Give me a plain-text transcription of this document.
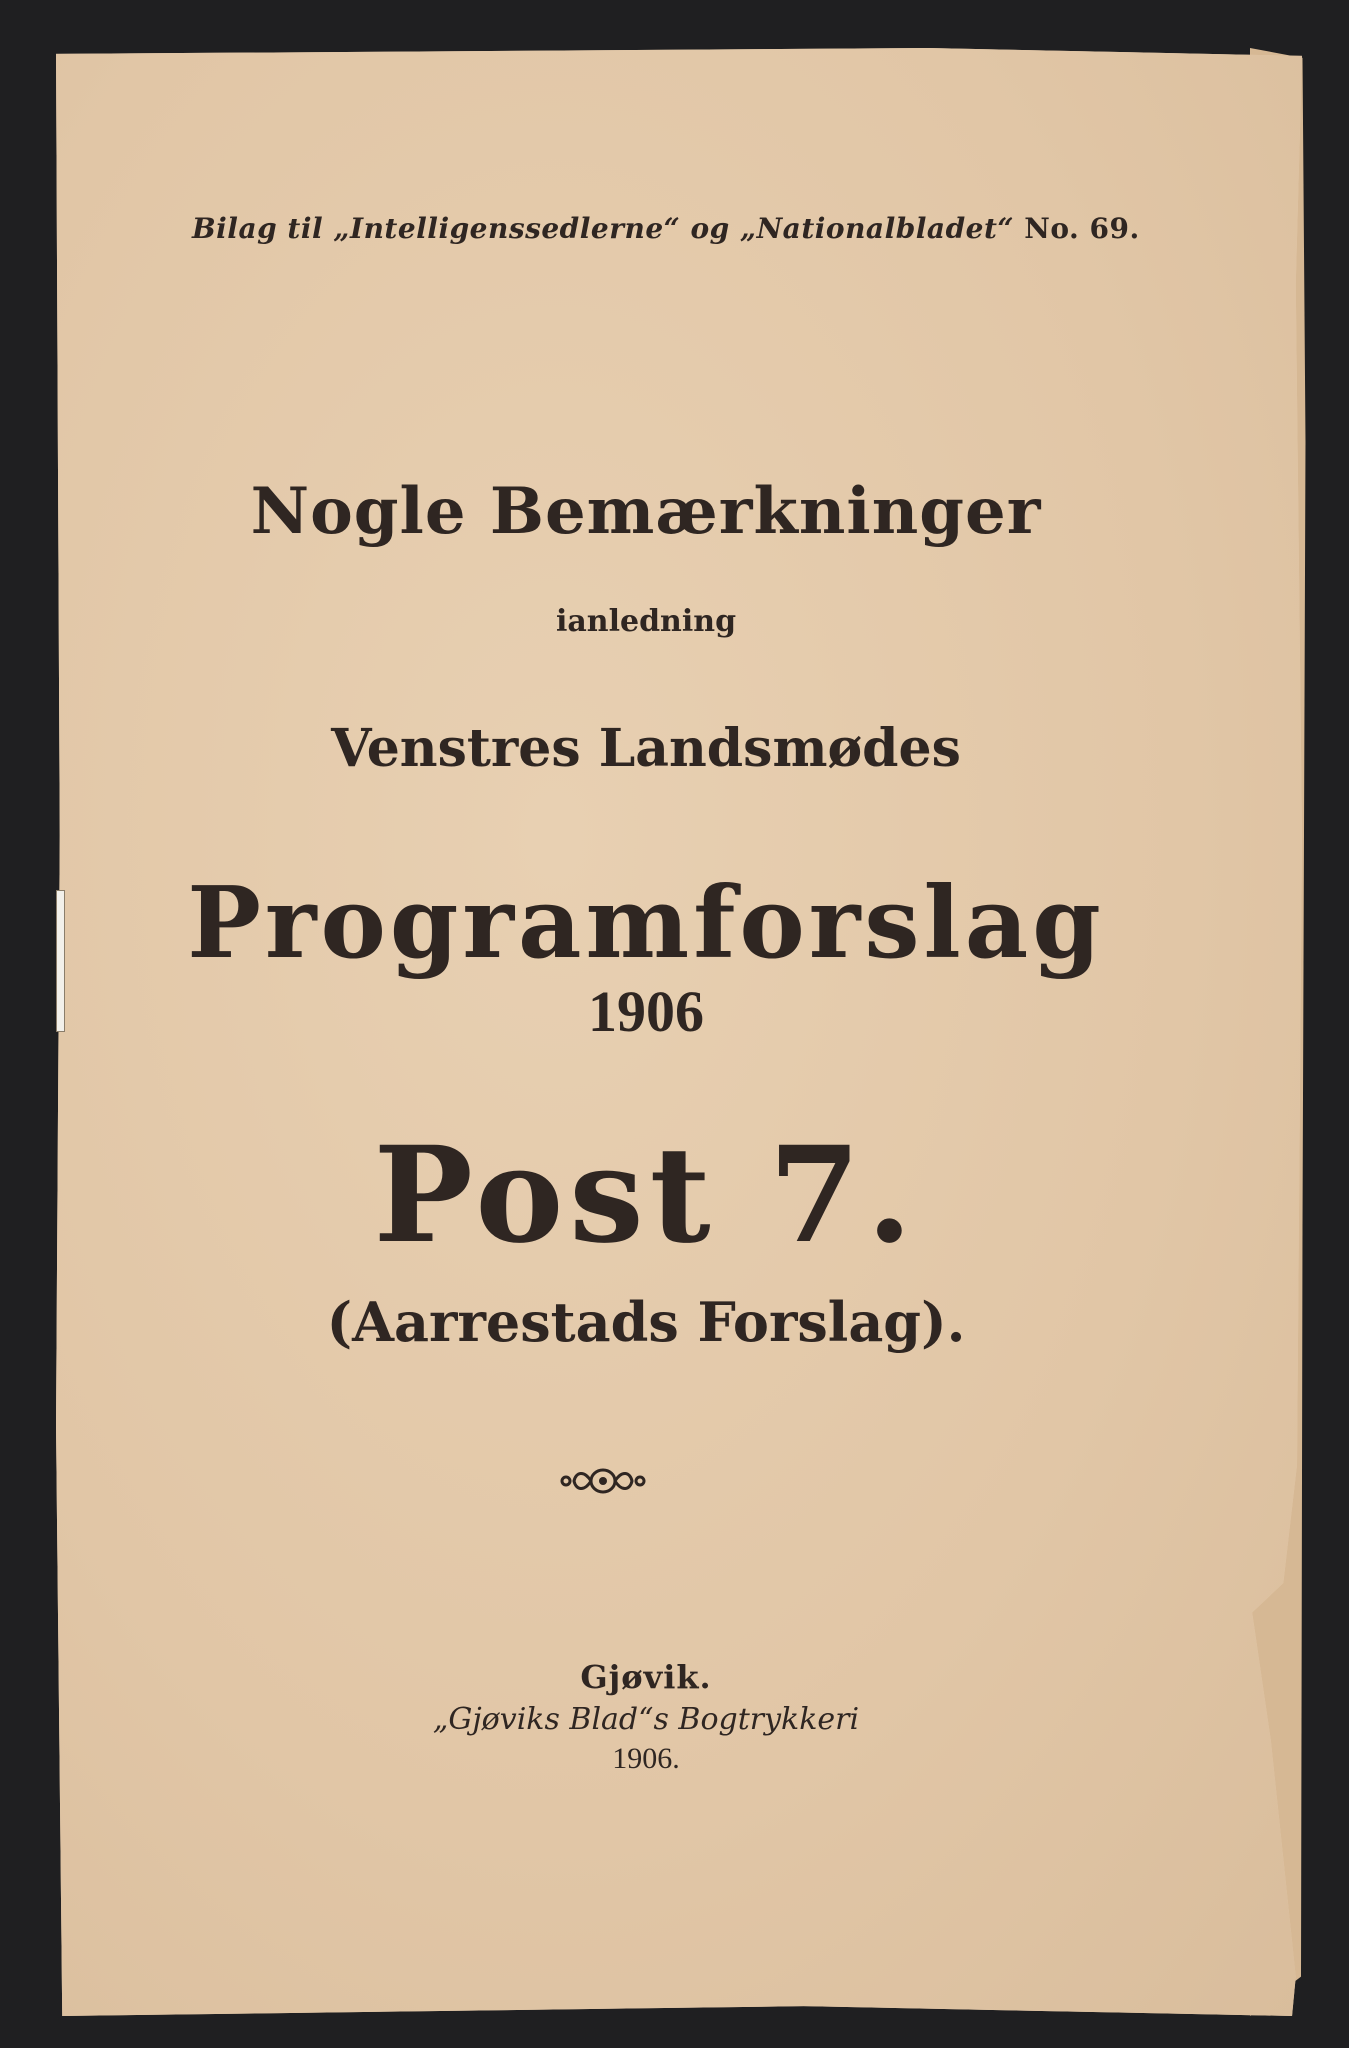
Bilag til „Intelligenssedlerne“ og „Nationalbladet“ No. 69.
Nogle Bemærkninger
ianledning
Venstres Landsmødes
Programforslag
1906
Post 7.
(Aarrestads Forslag).
Gjøvik.
„Gjøviks Blad“s Bogtrykkeri
1906.
